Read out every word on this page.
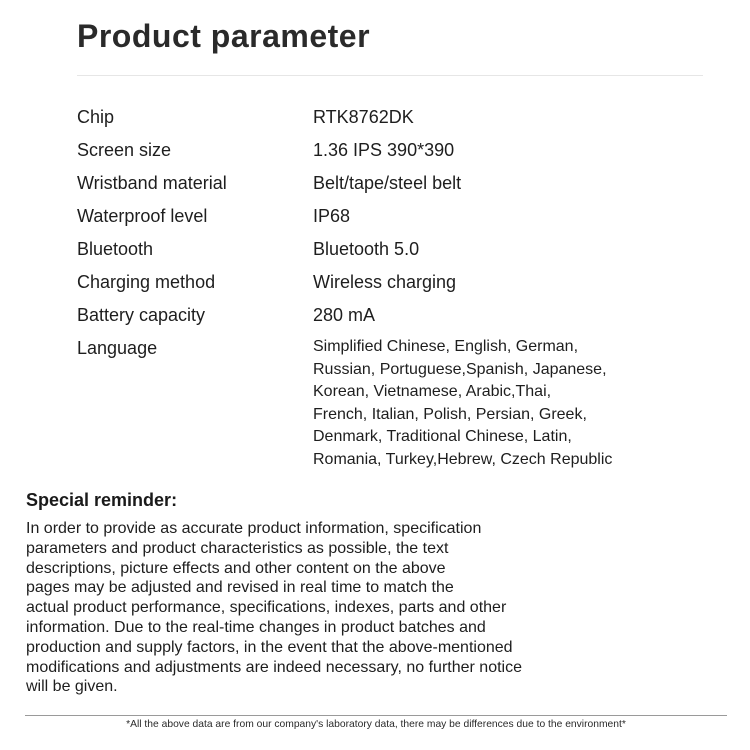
Product parameter
Chip	RTK8762DK
Screen size	1.36 IPS 390*390
Wristband material	Belt/tape/steel belt
Waterproof level	IP68
Bluetooth	Bluetooth 5.0
Charging method	Wireless charging
Battery capacity	280 mA
Language	Simplified Chinese, English, German,
Russian, Portuguese,Spanish, Japanese,
Korean, Vietnamese, Arabic,Thai,
French, Italian, Polish, Persian, Greek,
Denmark, Traditional Chinese, Latin,
Romania, Turkey,Hebrew, Czech Republic
Special reminder:

In order to provide as accurate product information, specification
parameters and product characteristics as possible, the text
descriptions, picture effects and other content on the above
pages may be adjusted and revised in real time to match the
actual product performance, specifications, indexes, parts and other
information. Due to the real-time changes in product batches and
production and supply factors, in the event that the above-mentioned
modifications and adjustments are indeed necessary, no further notice
will be given.

*All the above data are from our company's laboratory data, there may be differences due to the environment*
